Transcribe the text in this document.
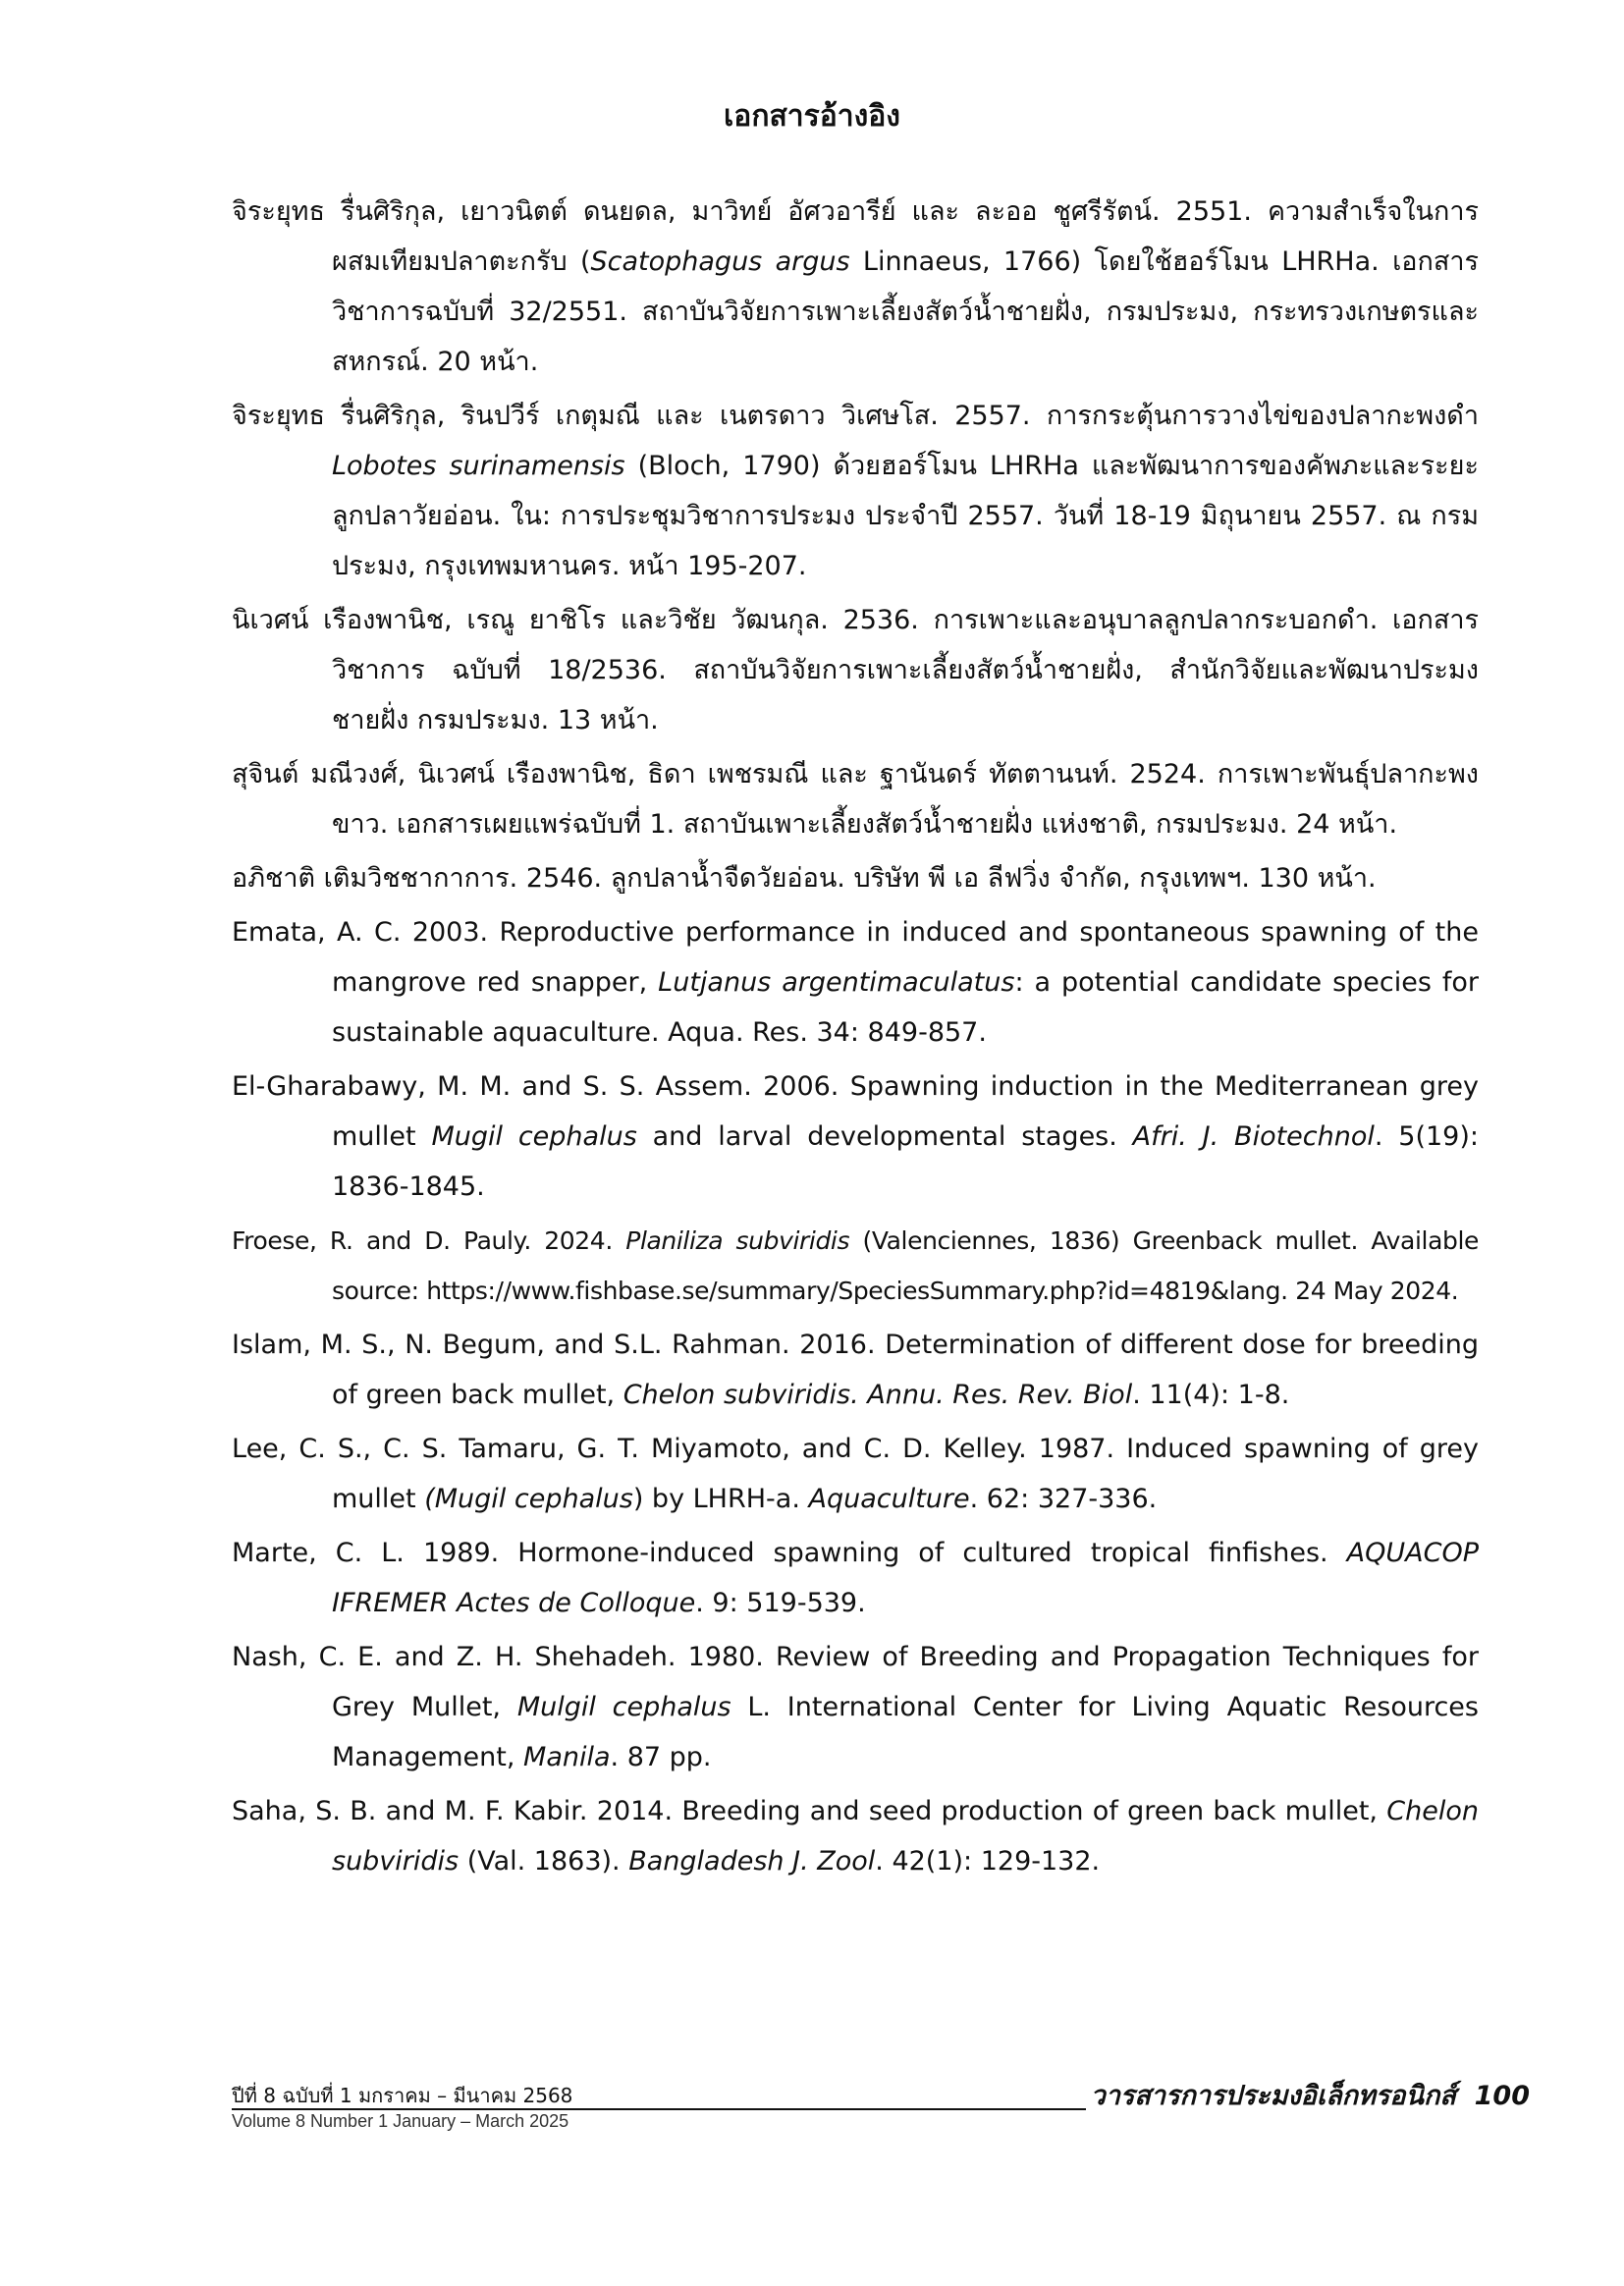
เอกสารอ้างอิง

จิระยุทธ รื่นศิริกุล, เยาวนิตต์ ดนยดล, มาวิทย์ อัศวอารีย์ และ ละออ ชูศรีรัตน์. 2551. ความสำเร็จในการผสมเทียมปลาตะกรับ (Scatophagus argus Linnaeus, 1766) โดยใช้ฮอร์โมน LHRHa. เอกสารวิชาการฉบับที่ 32/2551. สถาบันวิจัยการเพาะเลี้ยงสัตว์น้ำชายฝั่ง, กรมประมง, กระทรวงเกษตรและสหกรณ์. 20 หน้า.

จิระยุทธ รื่นศิริกุล, รินปวีร์ เกตุมณี และ เนตรดาว วิเศษโส. 2557. การกระตุ้นการวางไข่ของปลากะพงดำ Lobotes surinamensis (Bloch, 1790) ด้วยฮอร์โมน LHRHa และพัฒนาการของคัพภะและระยะลูกปลาวัยอ่อน. ใน: การประชุมวิชาการประมง ประจำปี 2557. วันที่ 18-19 มิถุนายน 2557. ณ กรมประมง, กรุงเทพมหานคร. หน้า 195-207.

นิเวศน์ เรืองพานิช, เรณู ยาชิโร และวิชัย วัฒนกุล. 2536. การเพาะและอนุบาลลูกปลากระบอกดำ. เอกสารวิชาการ ฉบับที่ 18/2536. สถาบันวิจัยการเพาะเลี้ยงสัตว์น้ำชายฝั่ง, สำนักวิจัยและพัฒนาประมงชายฝั่ง กรมประมง. 13 หน้า.

สุจินต์ มณีวงศ์, นิเวศน์ เรืองพานิช, ธิดา เพชรมณี และ ฐานันดร์ ทัตตานนท์. 2524. การเพาะพันธุ์ปลากะพงขาว. เอกสารเผยแพร่ฉบับที่ 1. สถาบันเพาะเลี้ยงสัตว์น้ำชายฝั่ง แห่งชาติ, กรมประมง. 24 หน้า.

อภิชาติ เติมวิชชากาการ. 2546. ลูกปลาน้ำจืดวัยอ่อน. บริษัท พี เอ ลีฟวิ่ง จำกัด, กรุงเทพฯ. 130 หน้า.

Emata, A. C. 2003. Reproductive performance in induced and spontaneous spawning of the mangrove red snapper, Lutjanus argentimaculatus: a potential candidate species for sustainable aquaculture. Aqua. Res. 34: 849-857.

El-Gharabawy, M. M. and S. S. Assem. 2006. Spawning induction in the Mediterranean grey mullet Mugil cephalus and larval developmental stages. Afri. J. Biotechnol. 5(19): 1836-1845.

Froese, R. and D. Pauly. 2024. Planiliza subviridis (Valenciennes, 1836) Greenback mullet. Available source: https://www.fishbase.se/summary/SpeciesSummary.php?id=4819&lang. 24 May 2024.

Islam, M. S., N. Begum, and S.L. Rahman. 2016. Determination of different dose for breeding of green back mullet, Chelon subviridis. Annu. Res. Rev. Biol. 11(4): 1-8.

Lee, C. S., C. S. Tamaru, G. T. Miyamoto, and C. D. Kelley. 1987. Induced spawning of grey mullet (Mugil cephalus) by LHRH-a. Aquaculture. 62: 327-336.

Marte, C. L. 1989. Hormone-induced spawning of cultured tropical finfishes. AQUACOP IFREMER Actes de Colloque. 9: 519-539.

Nash, C. E. and Z. H. Shehadeh. 1980. Review of Breeding and Propagation Techniques for Grey Mullet, Mulgil cephalus L. International Center for Living Aquatic Resources Management, Manila. 87 pp.

Saha, S. B. and M. F. Kabir. 2014. Breeding and seed production of green back mullet, Chelon subviridis (Val. 1863). Bangladesh J. Zool. 42(1): 129-132.

ปีที่ 8 ฉบับที่ 1 มกราคม – มีนาคม 2568
Volume 8 Number 1 January – March 2025
วารสารการประมงอิเล็กทรอนิกส์ 100
